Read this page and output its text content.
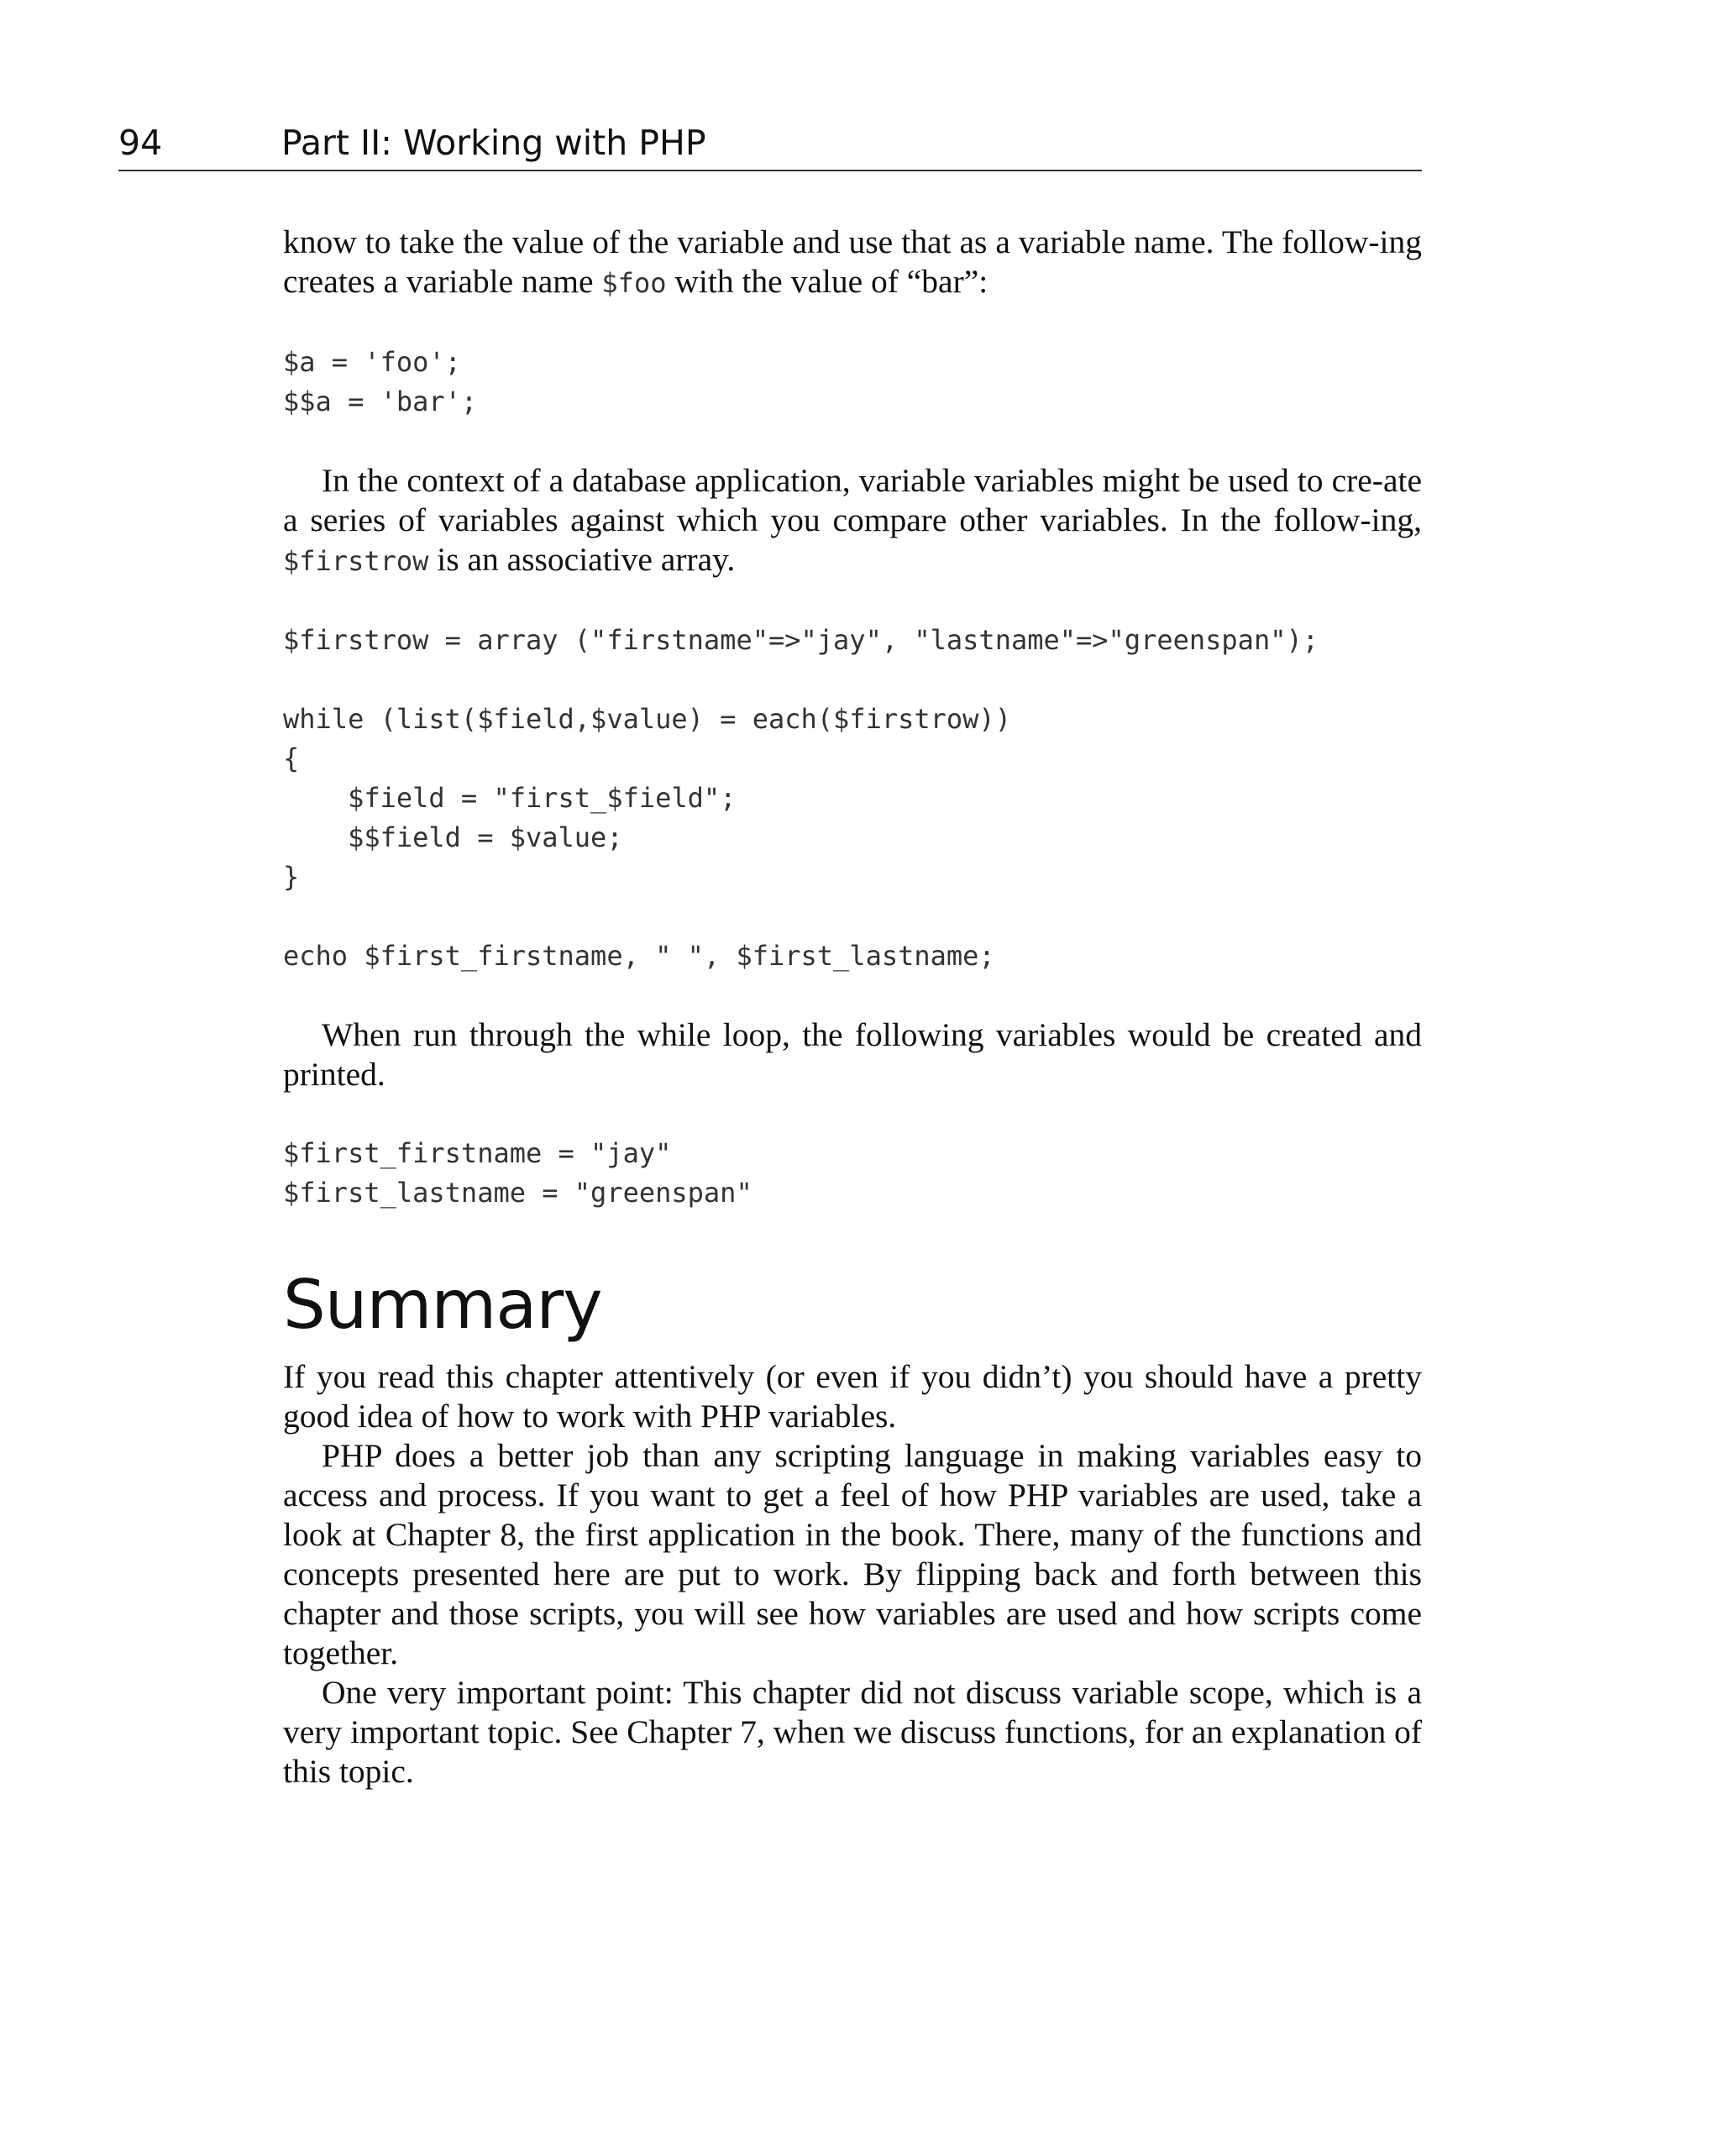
94	Part II: Working with PHP

know to take the value of the variable and use that as a variable name. The follow-ing creates a variable name $foo with the value of “bar”:

$a = 'foo';
$$a = 'bar';

In the context of a database application, variable variables might be used to cre-ate a series of variables against which you compare other variables. In the follow-ing, $firstrow is an associative array.

$firstrow = array ("firstname"=>"jay", "lastname"=>"greenspan");

while (list($field,$value) = each($firstrow))
{
$field = "first_$field";
$$field = $value;
}

echo $first_firstname, " ", $first_lastname;

When run through the while loop, the following variables would be created and printed.

$first_firstname = "jay"
$first_lastname = "greenspan"
Summary

If you read this chapter attentively (or even if you didn’t) you should have a pretty good idea of how to work with PHP variables.

PHP does a better job than any scripting language in making variables easy to access and process. If you want to get a feel of how PHP variables are used, take a look at Chapter 8, the first application in the book. There, many of the functions and concepts presented here are put to work. By flipping back and forth between this chapter and those scripts, you will see how variables are used and how scripts come together.

One very important point: This chapter did not discuss variable scope, which is a very important topic. See Chapter 7, when we discuss functions, for an explanation of this topic.
